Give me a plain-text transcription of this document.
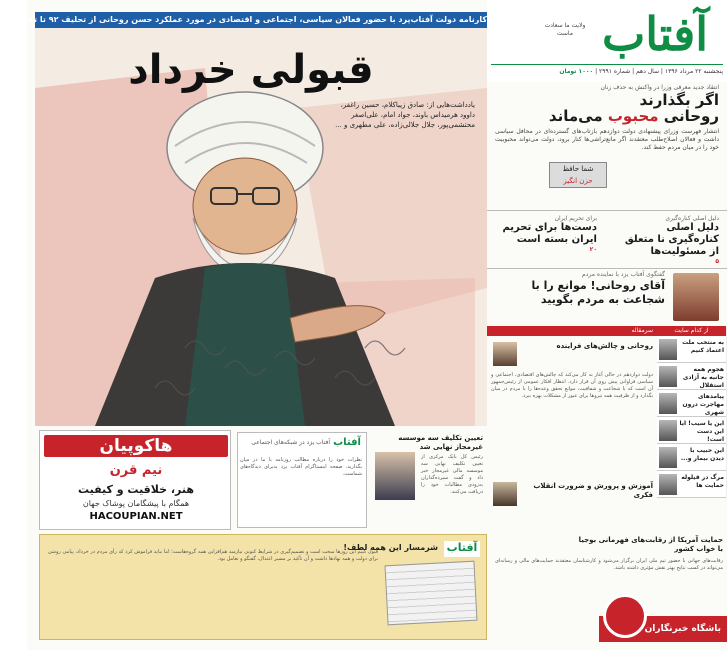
آفتاب
ولایت ما سعادت ماست
پنجشنبه ۲۲ مرداد ۱۳۹۶ | سال دهم | شماره ۲۹۹۱ | ۱۰۰۰ تومان
قبولی خرداد
یادداشت‌هایی از: صادق زیباکلام، حسین راغفر، داوود هرمیداس باوند، جواد امام، علی‌اصغر محتشمی‌پور، جلال جلالی‌زاده، علی مطهری و ...
کارنامه دولت آفتاب‌پرد با حضور فعالان سیاسی، اجتماعی و اقتصادی در مورد عملکرد حسن روحانی از تحلیف ۹۲ تا تحلیف ۹۶
انتقاد جدید معرفی وزرا در واکنش به حذف زنان
اگر بگذارند
روحانی محبوب می‌ماند
انتشار فهرست وزرای پیشنهادی دولت دوازدهم بازتاب‌های گسترده‌ای در محافل سیاسی داشت و فعالان اصلاح‌طلب معتقدند اگر مانع‌تراشی‌ها کنار برود، دولت می‌تواند محبوبیت خود را در میان مردم حفظ کند.
شما حافظ
حزن انگیز
دلیل اصلی کناره‌گیری
دلیل اصلی کناره‌گیری نا متعلق از مسئولیت‌ها
۵
برای تحریم ایران
دست‌ها برای تحریم ایران بسته است
۲۰
گفتگوی آفتاب یزد با نماینده مردم
آقای روحانی! موانع را با شجاعت به مردم بگویید
از کدام سایت
به منتخب ملت اعتماد کنیم
هجوم همه جانبه به آزادی استقلال
پیامدهای مهاجرت درون شهری
این یا سیب! ایا این دست است!
این حبیب با دیدن بیمار و...
مرگ در قیلوله حمایت ها
سرمقاله
روحانی و چالش‌های فراینده
دولت دوازدهم در حالی آغاز به کار می‌کند که چالش‌های اقتصادی، اجتماعی و سیاسی فراوانی پیش روی آن قرار دارد. انتظار افکار عمومی از رئیس‌جمهور آن است که با شجاعت و شفافیت، موانع تحقق وعده‌ها را با مردم در میان بگذارد و از ظرفیت همه نیروها برای عبور از مشکلات بهره ببرد.
هاکوپیان
نیم قرن
هنر، خلاقیت و کیفیت
همگام با پیشگامان پوشاک جهان
HACOUPIAN.NET
آفتاب
آفتاب یزد در شبکه‌های اجتماعی
نظرات خود را درباره مطالب روزنامه با ما در میان بگذارید. صفحه اینستاگرام آفتاب یزد پذیرای دیدگاه‌های شماست.
تعیین تکلیف سه موسسه غیرمجاز نهایی شد
رئیس کل بانک مرکزی از تعیین تکلیف نهایی سه موسسه مالی غیرمجاز خبر داد و گفت سپرده‌گذاران به‌زودی مطالبات خود را دریافت می‌کنند.
آموزش و پرورش و ضرورت انقلاب فکری
آفتاب
شرمسار این همه لطف!
قبول کنیم این روزها سخت است و تصمیم‌گیری در شرایط کنونی نیازمند هم‌افزایی همه گروه‌هاست؛ اما نباید فراموش کرد که رأی مردم در خرداد، پیامی روشن برای دولت و همه نهادها داشت و آن تأکید بر مسیر اعتدال، گفتگو و تعامل بود.
حمایت آمریکا از رقابت‌های فهرمانی بوجیا با خواب کشور
رقابت‌های جهانی با حضور تیم ملی ایران برگزار می‌شود و کارشناسان معتقدند حمایت‌های مالی و رسانه‌ای می‌تواند در کسب نتایج بهتر نقش مؤثری داشته باشد.
باشگاه خبرنگاران
